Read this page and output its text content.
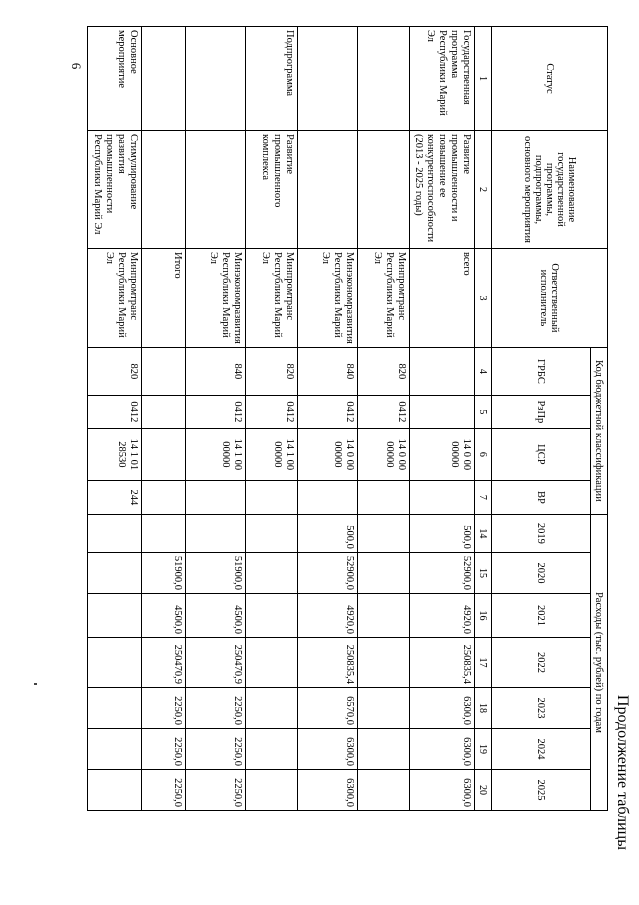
6
Продолжение таблицы
Статус	Наименование государственной программы, подпрограммы, основного мероприятия	Ответственный исполнитель	Код бюджетной классификации				Расходы (тыс. рублей) по годам						
			ГРБС	РзПр	ЦСР	ВР	2019	2020	2021	2022	2023	2024	2025
1	2	3	4	5	6	7	14	15	16	17	18	19	20
Государственная программа Республики Марий Эл	Развитие промышленности и повышение ее конкурентоспособности (2013 - 2025 годы)	всего			14 0 00 00000		500,0	52900,0	4920,0	250835,4	6300,0	6300,0	6300,0
		Минпромтранс Республики Марий Эл	820	0412	14 0 00 00000								
		Минэкономразвития Республики Марий Эл	840	0412	14 0 00 00000		500,0	52900,0	4920,0	250835,4	6570,0	6300,0	6300,0
Подпрограмма	Развитие промышленного комплекса	Минпромтранс Республики Марий Эл	820	0412	14 1 00 00000								
		Минэкономразвития Республики Марий Эл	840	0412	14 1 00 00000			51900,0	4500,0	250470,9	2250,0	2250,0	2250,0
		Итого						51900,0	4500,0	250470,9	2250,0	2250,0	2250,0
Основное мероприятие	Стимулирование развития промышленности Республики Марий Эл	Минпромтранс Республики Марий Эл	820	0412	14 1 01 28530	244							
